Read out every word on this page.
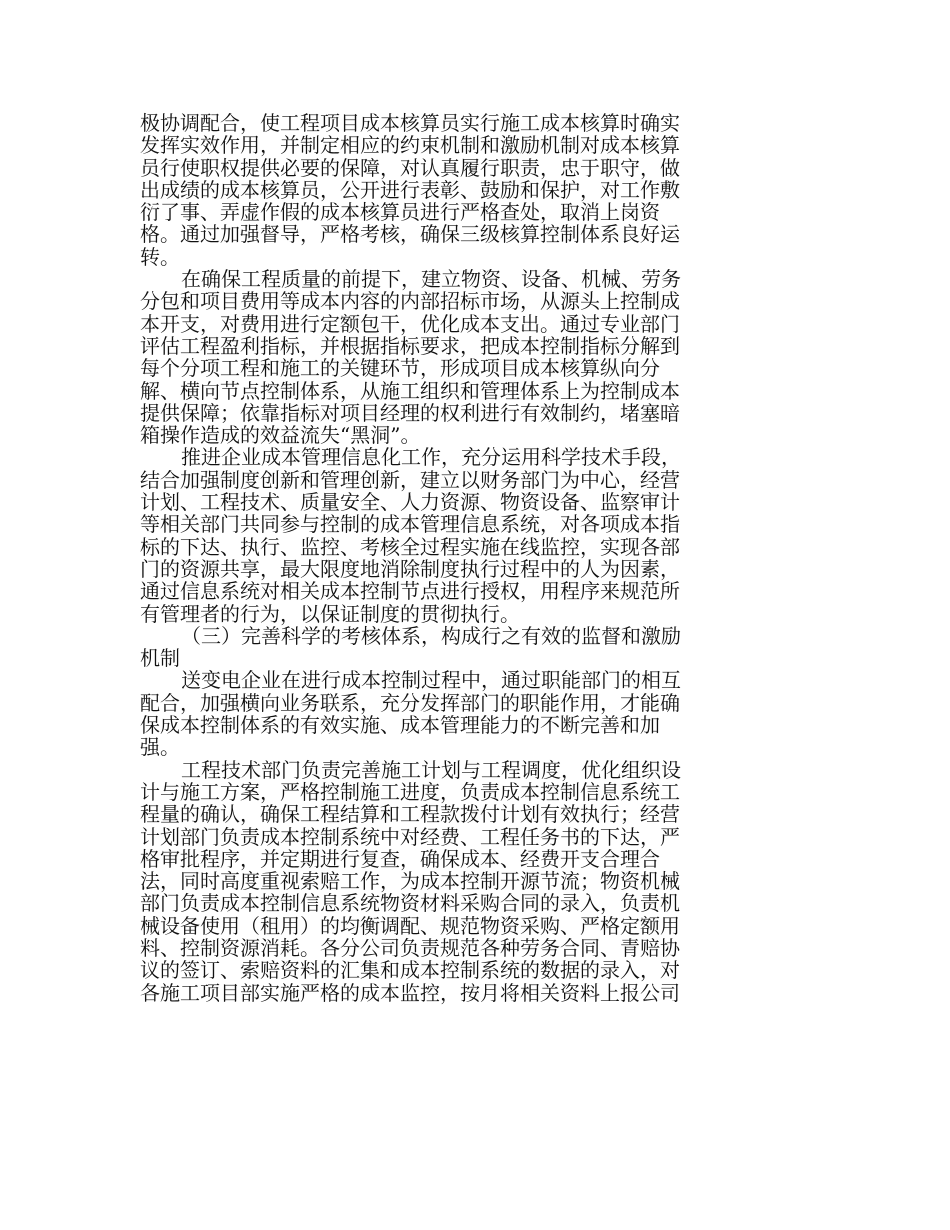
极协调配合，使工程项目成本核算员实行施工成本核算时确实
发挥实效作用，并制定相应的约束机制和激励机制对成本核算
员行使职权提供必要的保障，对认真履行职责，忠于职守，做
出成绩的成本核算员，公开进行表彰、鼓励和保护，对工作敷
衍了事、弄虚作假的成本核算员进行严格查处，取消上岗资
格。通过加强督导，严格考核，确保三级核算控制体系良好运
转。
在确保工程质量的前提下，建立物资、设备、机械、劳务
分包和项目费用等成本内容的内部招标市场，从源头上控制成
本开支，对费用进行定额包干，优化成本支出。通过专业部门
评估工程盈利指标，并根据指标要求，把成本控制指标分解到
每个分项工程和施工的关键环节，形成项目成本核算纵向分
解、横向节点控制体系，从施工组织和管理体系上为控制成本
提供保障；依靠指标对项目经理的权利进行有效制约，堵塞暗
箱操作造成的效益流失“黑洞”。
推进企业成本管理信息化工作，充分运用科学技术手段，
结合加强制度创新和管理创新，建立以财务部门为中心，经营
计划、工程技术、质量安全、人力资源、物资设备、监察审计
等相关部门共同参与控制的成本管理信息系统，对各项成本指
标的下达、执行、监控、考核全过程实施在线监控，实现各部
门的资源共享，最大限度地消除制度执行过程中的人为因素，
通过信息系统对相关成本控制节点进行授权，用程序来规范所
有管理者的行为，以保证制度的贯彻执行。
（三）完善科学的考核体系，构成行之有效的监督和激励
机制
送变电企业在进行成本控制过程中，通过职能部门的相互
配合，加强横向业务联系，充分发挥部门的职能作用，才能确
保成本控制体系的有效实施、成本管理能力的不断完善和加
强。
工程技术部门负责完善施工计划与工程调度，优化组织设
计与施工方案，严格控制施工进度，负责成本控制信息系统工
程量的确认，确保工程结算和工程款拨付计划有效执行；经营
计划部门负责成本控制系统中对经费、工程任务书的下达，严
格审批程序，并定期进行复查，确保成本、经费开支合理合
法，同时高度重视索赔工作，为成本控制开源节流；物资机械
部门负责成本控制信息系统物资材料采购合同的录入，负责机
械设备使用（租用）的均衡调配、规范物资采购、严格定额用
料、控制资源消耗。各分公司负责规范各种劳务合同、青赔协
议的签订、索赔资料的汇集和成本控制系统的数据的录入，对
各施工项目部实施严格的成本监控，按月将相关资料上报公司
